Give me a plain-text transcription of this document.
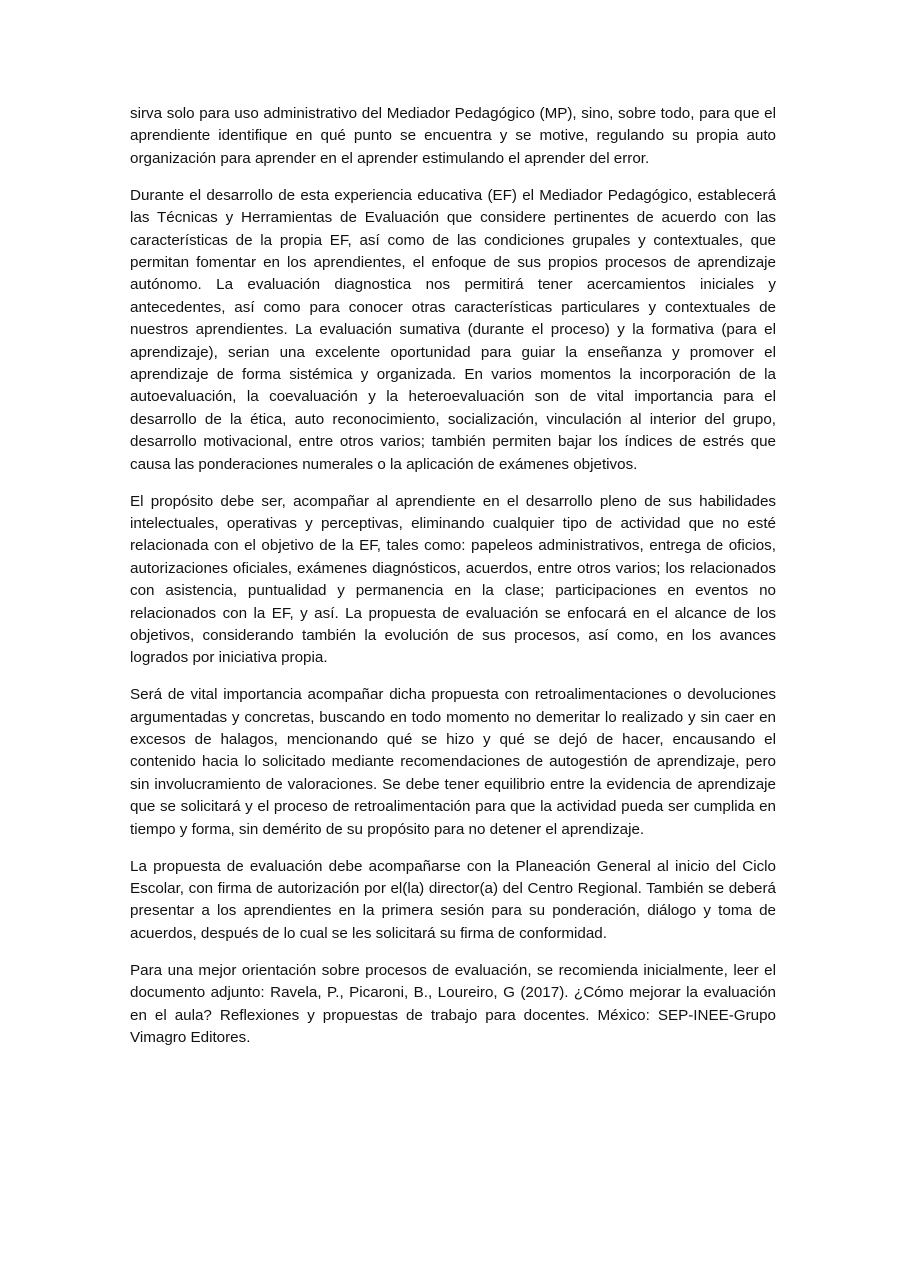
sirva solo para uso administrativo del Mediador Pedagógico (MP), sino, sobre todo, para que el aprendiente identifique en qué punto se encuentra y se motive, regulando su propia auto organización para aprender en el aprender estimulando el aprender del error.

Durante el desarrollo de esta experiencia educativa (EF) el Mediador Pedagógico, establecerá las Técnicas y Herramientas de Evaluación que considere pertinentes de acuerdo con las características de la propia EF, así como de las condiciones grupales y contextuales, que permitan fomentar en los aprendientes, el enfoque de sus propios procesos de aprendizaje autónomo. La evaluación diagnostica nos permitirá tener acercamientos iniciales y antecedentes, así como para conocer otras características particulares y contextuales de nuestros aprendientes. La evaluación sumativa (durante el proceso) y la formativa (para el aprendizaje), serian una excelente oportunidad para guiar la enseñanza y promover el aprendizaje de forma sistémica y organizada. En varios momentos la incorporación de la autoevaluación, la coevaluación y la heteroevaluación son de vital importancia para el desarrollo de la ética, auto reconocimiento, socialización, vinculación al interior del grupo, desarrollo motivacional, entre otros varios; también permiten bajar los índices de estrés que causa las ponderaciones numerales o la aplicación de exámenes objetivos.

El propósito debe ser, acompañar al aprendiente en el desarrollo pleno de sus habilidades intelectuales, operativas y perceptivas, eliminando cualquier tipo de actividad que no esté relacionada con el objetivo de la EF, tales como: papeleos administrativos, entrega de oficios, autorizaciones oficiales, exámenes diagnósticos, acuerdos, entre otros varios; los relacionados con asistencia, puntualidad y permanencia en la clase; participaciones en eventos no relacionados con la EF, y así. La propuesta de evaluación se enfocará en el alcance de los objetivos, considerando también la evolución de sus procesos, así como, en los avances logrados por iniciativa propia.

Será de vital importancia acompañar dicha propuesta con retroalimentaciones o devoluciones argumentadas y concretas, buscando en todo momento no demeritar lo realizado y sin caer en excesos de halagos, mencionando qué se hizo y qué se dejó de hacer, encausando el contenido hacia lo solicitado mediante recomendaciones de autogestión de aprendizaje, pero sin involucramiento de valoraciones. Se debe tener equilibrio entre la evidencia de aprendizaje que se solicitará y el proceso de retroalimentación para que la actividad pueda ser cumplida en tiempo y forma, sin demérito de su propósito para no detener el aprendizaje.

La propuesta de evaluación debe acompañarse con la Planeación General al inicio del Ciclo Escolar, con firma de autorización por el(la) director(a) del Centro Regional. También se deberá presentar a los aprendientes en la primera sesión para su ponderación, diálogo y toma de acuerdos, después de lo cual se les solicitará su firma de conformidad.

Para una mejor orientación sobre procesos de evaluación, se recomienda inicialmente, leer el documento adjunto: Ravela, P., Picaroni, B., Loureiro, G (2017). ¿Cómo mejorar la evaluación en el aula? Reflexiones y propuestas de trabajo para docentes. México: SEP-INEE-Grupo Vimagro Editores.
